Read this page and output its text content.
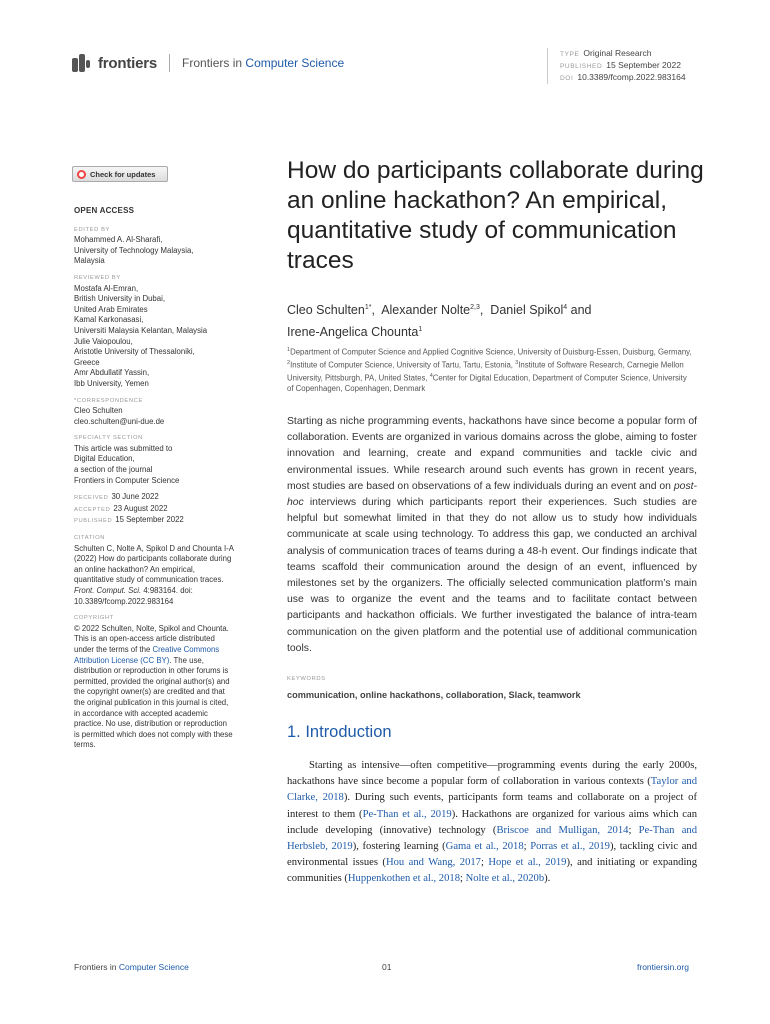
frontiers Frontiers in Computer Science
TYPE Original Research
PUBLISHED 15 September 2022
DOI 10.3389/fcomp.2022.983164
Check for updates
OPEN ACCESS
EDITED BY
Mohammed A. Al-Sharafi,
University of Technology Malaysia,
Malaysia
REVIEWED BY
Mostafa Al-Emran,
British University in Dubai,
United Arab Emirates
Kamal Karkonasasi,
Universiti Malaysia Kelantan, Malaysia
Julie Vaiopoulou,
Aristotle University of Thessaloniki,
Greece
Amr Abdullatif Yassin,
Ibb University, Yemen
*CORRESPONDENCE
Cleo Schulten
cleo.schulten@uni-due.de
SPECIALTY SECTION
This article was submitted to
Digital Education,
a section of the journal
Frontiers in Computer Science
RECEIVED 30 June 2022
ACCEPTED 23 August 2022
PUBLISHED 15 September 2022
CITATION

Schulten C, Nolte A, Spikol D and Chounta I-A (2022) How do participants collaborate during an online hackathon? An empirical, quantitative study of communication traces. Front. Comput. Sci. 4:983164. doi: 10.3389/fcomp.2022.983164

COPYRIGHT

© 2022 Schulten, Nolte, Spikol and Chounta. This is an open-access article distributed under the terms of the Creative Commons Attribution License (CC BY). The use, distribution or reproduction in other forums is permitted, provided the original author(s) and the copyright owner(s) are credited and that the original publication in this journal is cited, in accordance with accepted academic practice. No use, distribution or reproduction is permitted which does not comply with these terms.

How do participants collaborate during an online hackathon? An empirical, quantitative study of communication traces
Cleo Schulten$^{1*}$,  Alexander Nolte$^{2,3}$,  Daniel Spikol$^4$ and
Irene-Angelica Chounta$^1$
$^1$Department of Computer Science and Applied Cognitive Science, University of Duisburg-Essen, Duisburg, Germany, $^2$Institute of Computer Science, University of Tartu, Tartu, Estonia, $^3$Institute of Software Research, Carnegie Mellon University, Pittsburgh, PA, United States, $^4$Center for Digital Education, Department of Computer Science, University of Copenhagen, Copenhagen, Denmark

Starting as niche programming events, hackathons have since become a popular form of collaboration. Events are organized in various domains across the globe, aiming to foster innovation and learning, create and expand communities and tackle civic and environmental issues. While research around such events has grown in recent years, most studies are based on observations of a few individuals during an event and on post-hoc interviews during which participants report their experiences. Such studies are helpful but somewhat limited in that they do not allow us to study how individuals communicate at scale using technology. To address this gap, we conducted an archival analysis of communication traces of teams during a 48-h event. Our findings indicate that teams scaffold their communication around the design of an event, influenced by milestones set by the organizers. The officially selected communication platform’s main use was to organize the event and the teams and to facilitate contact between participants and hackathon officials. We further investigated the balance of intra-team communication on the given platform and the potential use of additional communication tools.

KEYWORDS
communication, online hackathons, collaboration, Slack, teamwork
1. Introduction

Starting as intensive—often competitive—programming events during the early 2000s, hackathons have since become a popular form of collaboration in various contexts (Taylor and Clarke, 2018). During such events, participants form teams and collaborate on a project of interest to them (Pe-Than et al., 2019). Hackathons are organized for various aims which can include developing (innovative) technology (Briscoe and Mulligan, 2014; Pe-Than and Herbsleb, 2019), fostering learning (Gama et al., 2018; Porras et al., 2019), tackling civic and environmental issues (Hou and Wang, 2017; Hope et al., 2019), and initiating or expanding communities (Huppenkothen et al., 2018; Nolte et al., 2020b).

Frontiers in Computer Science	01	frontiersin.org
